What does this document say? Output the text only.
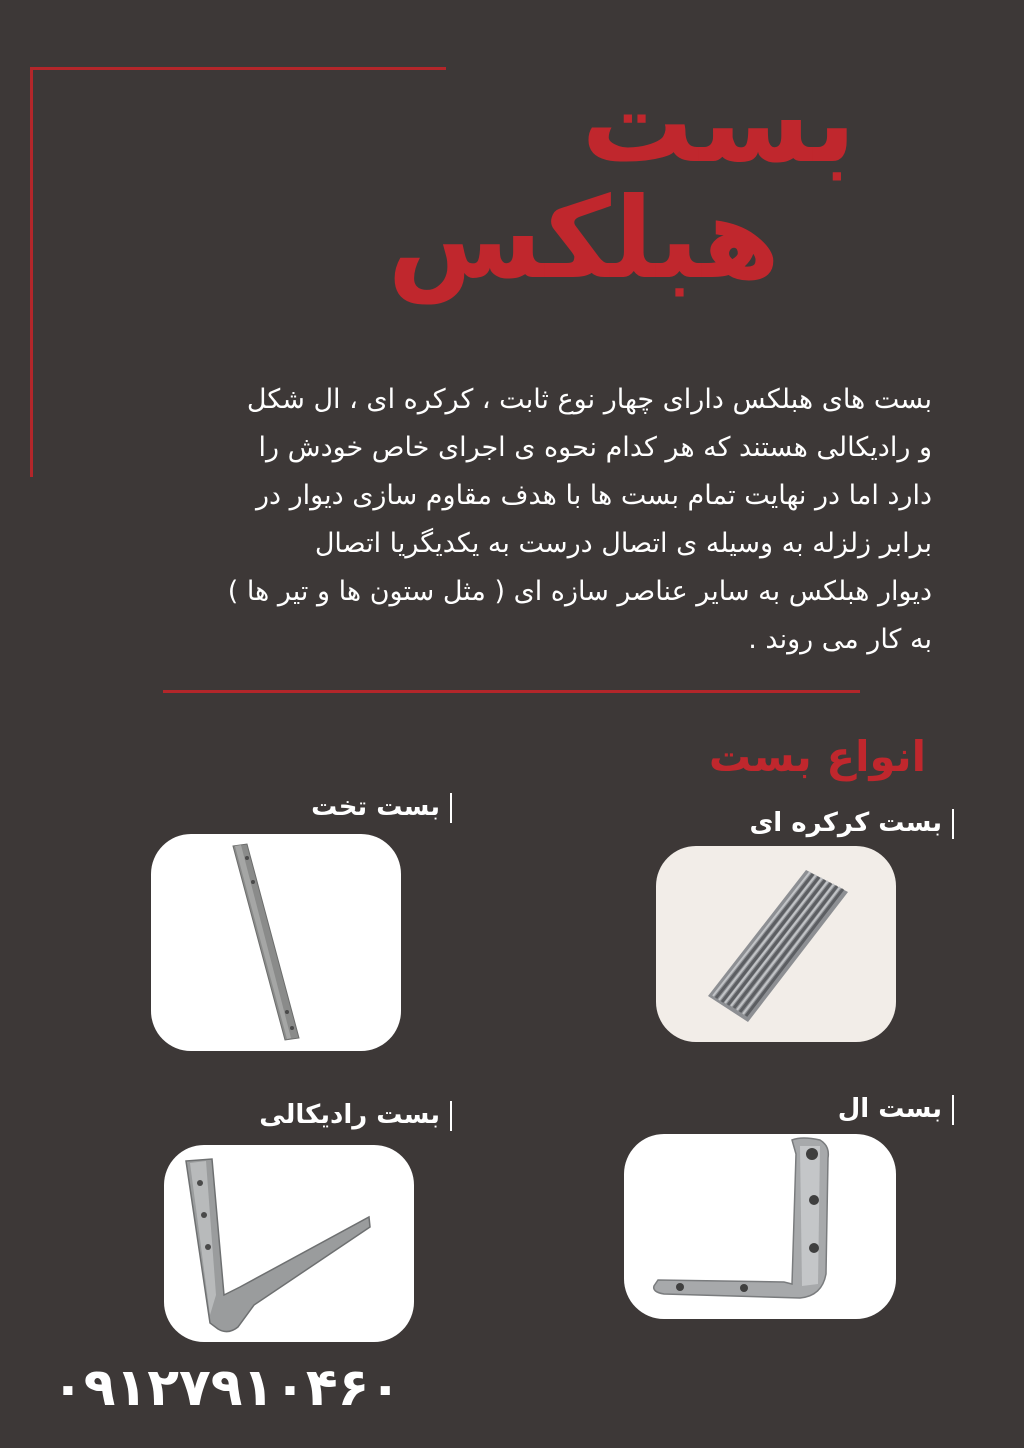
بست
هبلکس
بست های هبلکس دارای چهار نوع ثابت ، کرکره ای ، ال شکل
و رادیکالی هستند که هر کدام نحوه ی اجرای خاص خودش را
دارد اما در نهایت تمام بست ها با هدف مقاوم سازی دیوار در
برابر زلزله به وسیله ی اتصال درست به یکدیگریا اتصال
دیوار هبلکس به سایر عناصر سازه ای ( مثل ستون ها و تیر ها )
به کار می روند .
انواع بست
بست تخت
بست کرکره ای
بست رادیکالی	بست ال
۰۹۱۲۷۹۱۰۴۶۰
